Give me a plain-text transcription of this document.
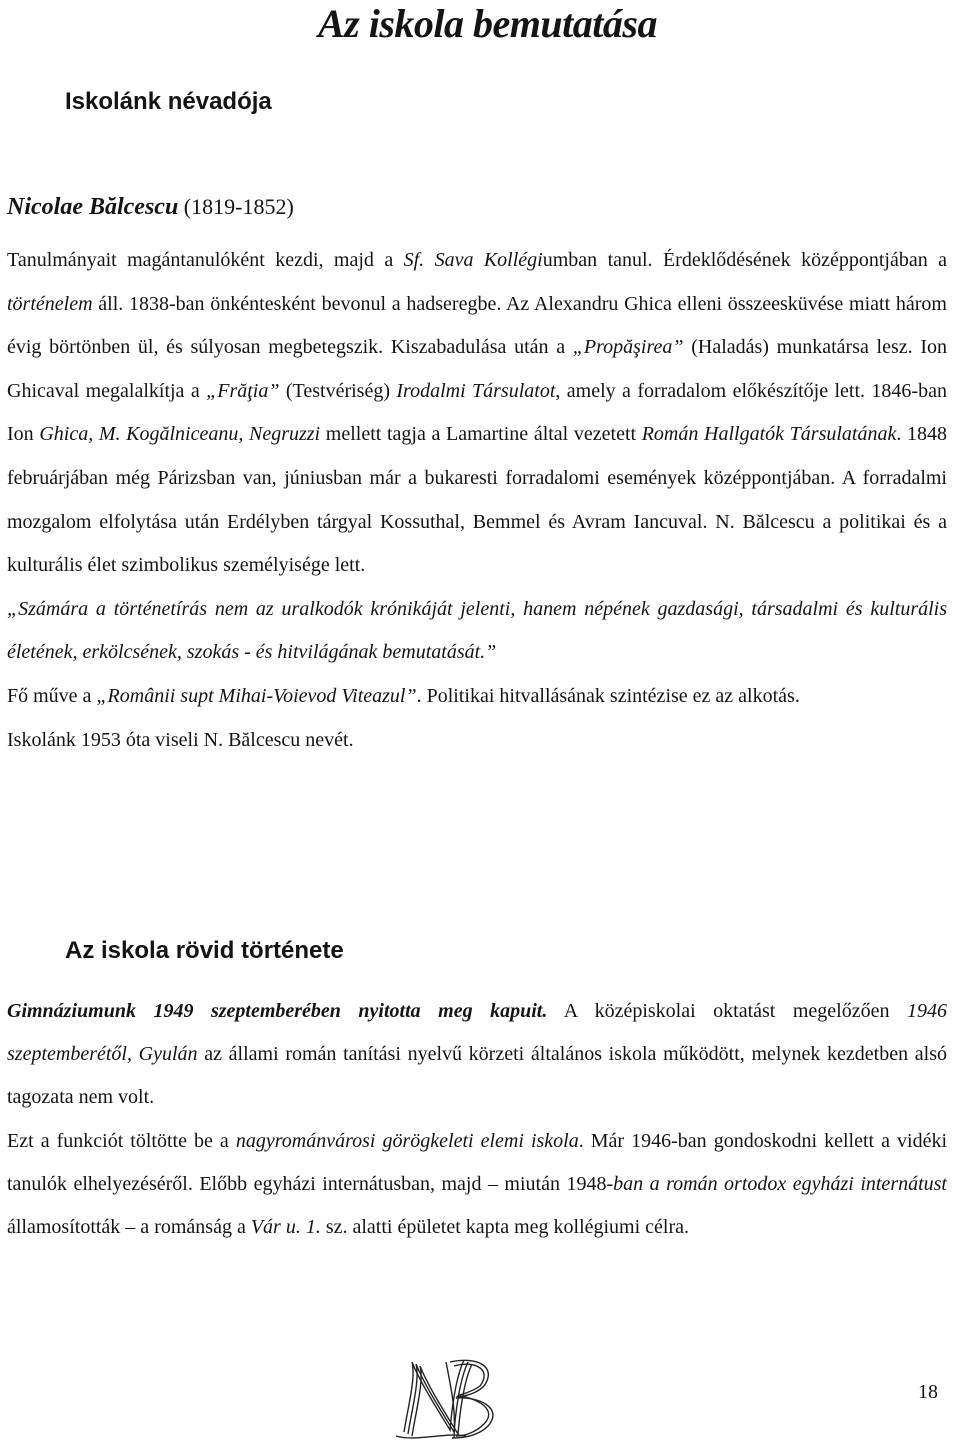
Az iskola bemutatása
Iskolánk névadója

Nicolae Bălcescu (1819-1852)

Tanulmányait magántanulóként kezdi, majd a Sf. Sava Kollégiumban tanul. Érdeklődésének középpontjában a történelem áll. 1838-ban önkéntesként bevonul a hadseregbe. Az Alexandru Ghica elleni összeesküvése miatt három évig börtönben ül, és súlyosan megbetegszik. Kiszabadulása után a „Propăşirea” (Haladás) munkatársa lesz. Ion Ghicaval megalalkítja a „Frăţia” (Testvériség) Irodalmi Társulatot, amely a forradalom előkészítője lett. 1846-ban Ion Ghica, M. Kogălniceanu, Negruzzi mellett tagja a Lamartine által vezetett Román Hallgatók Társulatának. 1848 februárjában még Párizsban van, júniusban már a bukaresti forradalomi események középpontjában. A forradalmi mozgalom elfolytása után Erdélyben tárgyal Kossuthal, Bemmel és Avram Iancuval. N. Bălcescu a politikai és a kulturális élet szimbolikus személyisége lett.
„Számára a történetírás nem az uralkodók krónikáját jelenti, hanem népének gazdasági, társadalmi és kulturális életének, erkölcsének, szokás - és hitvilágának bemutatását.”
Fő műve a „Românii supt Mihai-Voievod Viteazul”. Politikai hitvallásának szintézise ez az alkotás.
Iskolánk 1953 óta viseli N. Bălcescu nevét.

Az iskola rövid története

Gimnáziumunk 1949 szeptemberében nyitotta meg kapuit. A középiskolai oktatást megelőzően 1946 szeptemberétől, Gyulán az állami román tanítási nyelvű körzeti általános iskola működött, melynek kezdetben alsó tagozata nem volt.
Ezt a funkciót töltötte be a nagyrománvárosi görögkeleti elemi iskola. Már 1946-ban gondoskodni kellett a vidéki tanulók elhelyezéséről. Előbb egyházi internátusban, majd – miután 1948-ban a román ortodox egyházi internátust államosították – a románság a Vár u. 1. sz. alatti épületet kapta meg kollégiumi célra.

18
